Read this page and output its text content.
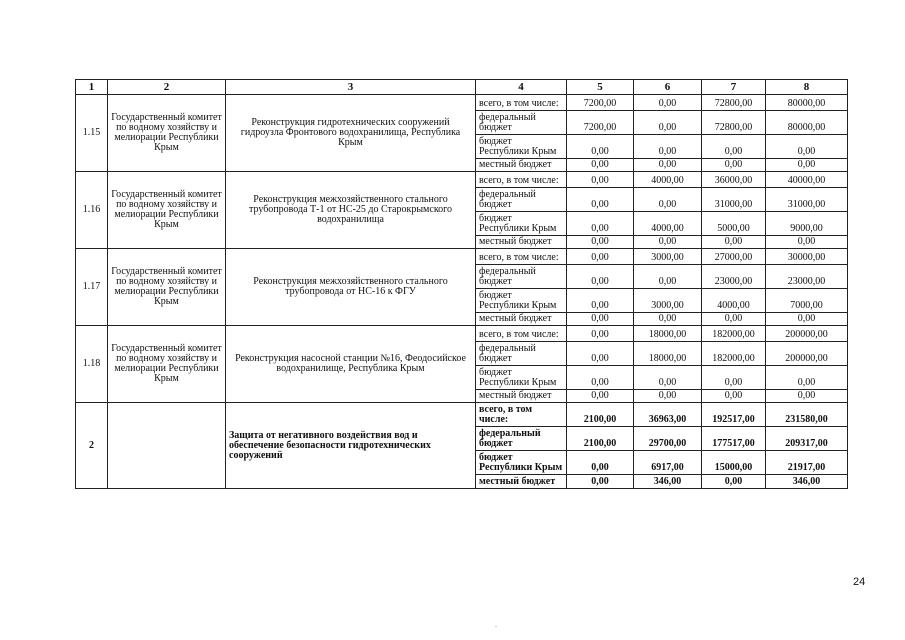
1	2	3	4	5	6	7	8
1.15	Государственный комитет по водному хозяйству и мелиорации Республики Крым	Реконструкция гидротехнических сооружений гидроузла Фронтового водохранилища, Республика Крым	всего, в том числе:	7200,00	0,00	72800,00	80000,00
			федеральный бюджет	7200,00	0,00	72800,00	80000,00
			бюджет Республики Крым	0,00	0,00	0,00	0,00
			местный бюджет	0,00	0,00	0,00	0,00
1.16	Государственный комитет по водному хозяйству и мелиорации Республики Крым	Реконструкция межхозяйственного стального трубопровода Т-1 от НС-25 до Старокрымского водохранилища	всего, в том числе:	0,00	4000,00	36000,00	40000,00
			федеральный бюджет	0,00	0,00	31000,00	31000,00
			бюджет Республики Крым	0,00	4000,00	5000,00	9000,00
			местный бюджет	0,00	0,00	0,00	0,00
1.17	Государственный комитет по водному хозяйству и мелиорации Республики Крым	Реконструкция межхозяйственного стального трубопровода от НС-16 к ФГУ	всего, в том числе:	0,00	3000,00	27000,00	30000,00
			федеральный бюджет	0,00	0,00	23000,00	23000,00
			бюджет Республики Крым	0,00	3000,00	4000,00	7000,00
			местный бюджет	0,00	0,00	0,00	0,00
1.18	Государственный комитет по водному хозяйству и мелиорации Республики Крым	Реконструкция насосной станции №16, Феодосийское водохранилище, Республика Крым	всего, в том числе:	0,00	18000,00	182000,00	200000,00
			федеральный бюджет	0,00	18000,00	182000,00	200000,00
			бюджет Республики Крым	0,00	0,00	0,00	0,00
			местный бюджет	0,00	0,00	0,00	0,00
2		Защита от негативного воздействия вод и обеспечение безопасности гидротехнических сооружений	всего, в том числе:	2100,00	36963,00	192517,00	231580,00
			федеральный бюджет	2100,00	29700,00	177517,00	209317,00
			бюджет Республики Крым	0,00	6917,00	15000,00	21917,00
			местный бюджет	0,00	346,00	0,00	346,00
24
.
